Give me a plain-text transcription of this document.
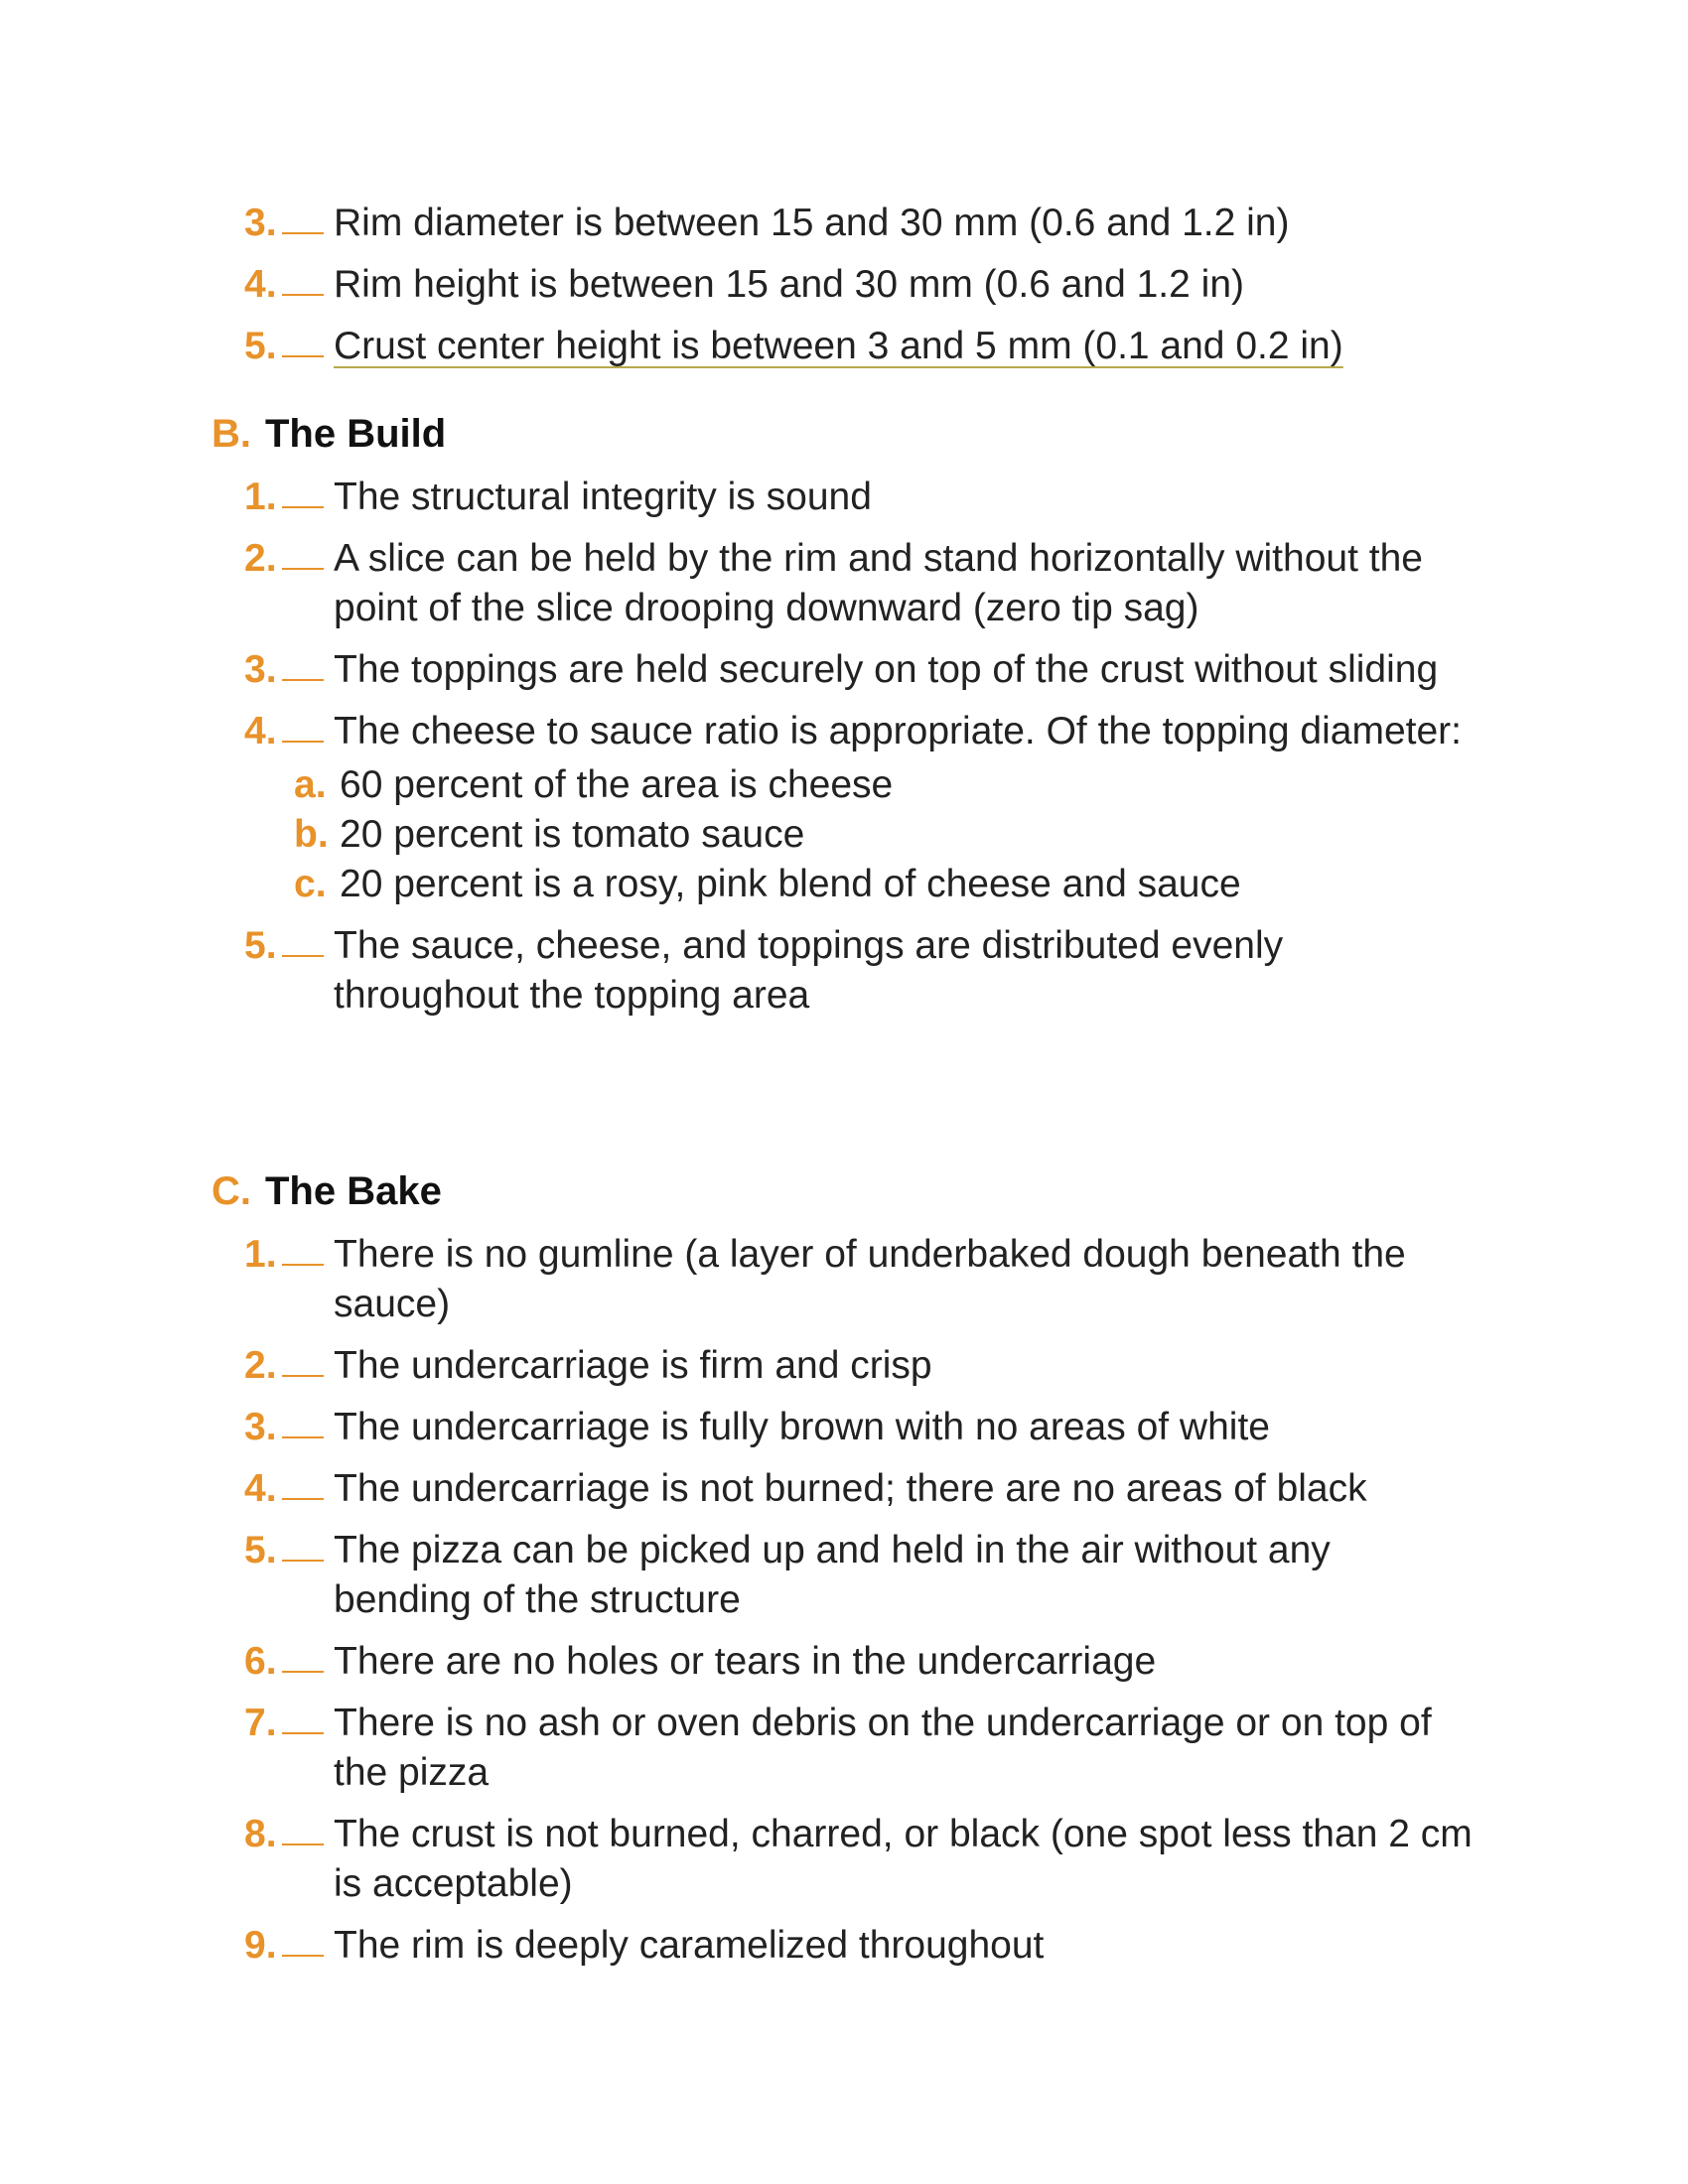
3. Rim diameter is between 15 and 30 mm (0.6 and 1.2 in)
4. Rim height is between 15 and 30 mm (0.6 and 1.2 in)
5. Crust center height is between 3 and 5 mm (0.1 and 0.2 in)
B. The Build
1. The structural integrity is sound
2. A slice can be held by the rim and stand horizontally without the point of the slice drooping downward (zero tip sag)
3. The toppings are held securely on top of the crust without sliding
4. The cheese to sauce ratio is appropriate. Of the topping diameter:
a. 60 percent of the area is cheese
b. 20 percent is tomato sauce
c. 20 percent is a rosy, pink blend of cheese and sauce
5. The sauce, cheese, and toppings are distributed evenly throughout the topping area
C. The Bake
1. There is no gumline (a layer of underbaked dough beneath the sauce)
2. The undercarriage is firm and crisp
3. The undercarriage is fully brown with no areas of white
4. The undercarriage is not burned; there are no areas of black
5. The pizza can be picked up and held in the air without any bending of the structure
6. There are no holes or tears in the undercarriage
7. There is no ash or oven debris on the undercarriage or on top of the pizza
8. The crust is not burned, charred, or black (one spot less than 2 cm is acceptable)
9. The rim is deeply caramelized throughout
